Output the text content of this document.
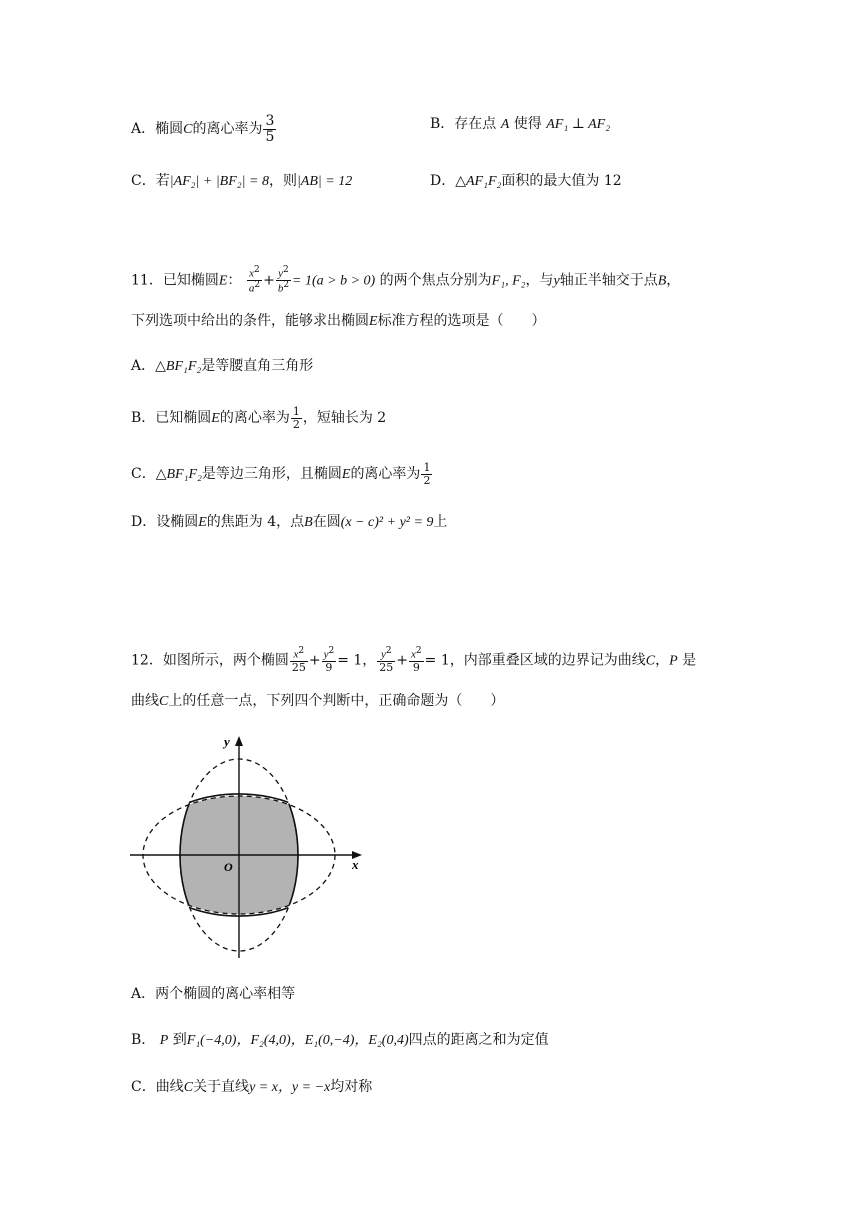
A．椭圆C的离心率为 $\frac{3}{5}$	B．存在点 A 使得 AF₁ ⊥ AF₂
C．若|AF₂| + |BF₂| = 8，则|AB| = 12	D．△AF₁F₂面积的最大值为 12
11．已知椭圆E： $\frac{x^2}{a^2} + \frac{y^2}{b^2} = 1(a > b > 0)$ 的两个焦点分别为F₁, F₂，与y轴正半轴交于点B，
下列选项中给出的条件，能够求出椭圆E标准方程的选项是（　　）
A．△BF₁F₂是等腰直角三角形
B．已知椭圆E的离心率为 $\frac{1}{2}$ ，短轴长为 2
C．△BF₁F₂是等边三角形，且椭圆E的离心率为 $\frac{1}{2}$
D．设椭圆E的焦距为 4，点B在圆(x − c)² + y² = 9上
12．如图所示，两个椭圆 $\frac{x^2}{25} + \frac{y^2}{9} = 1$， $\frac{y^2}{25} + \frac{x^2}{9} = 1$，内部重叠区域的边界记为曲线C，P 是
曲线C上的任意一点，下列四个判断中，正确命题为（　　）
x
y
O
A．两个椭圆的离心率相等
B． P 到F₁(−4,0)，F₂(4,0)，E₁(0,−4)，E₂(0,4)四点的距离之和为定值
C．曲线C关于直线y = x，y = −x均对称
